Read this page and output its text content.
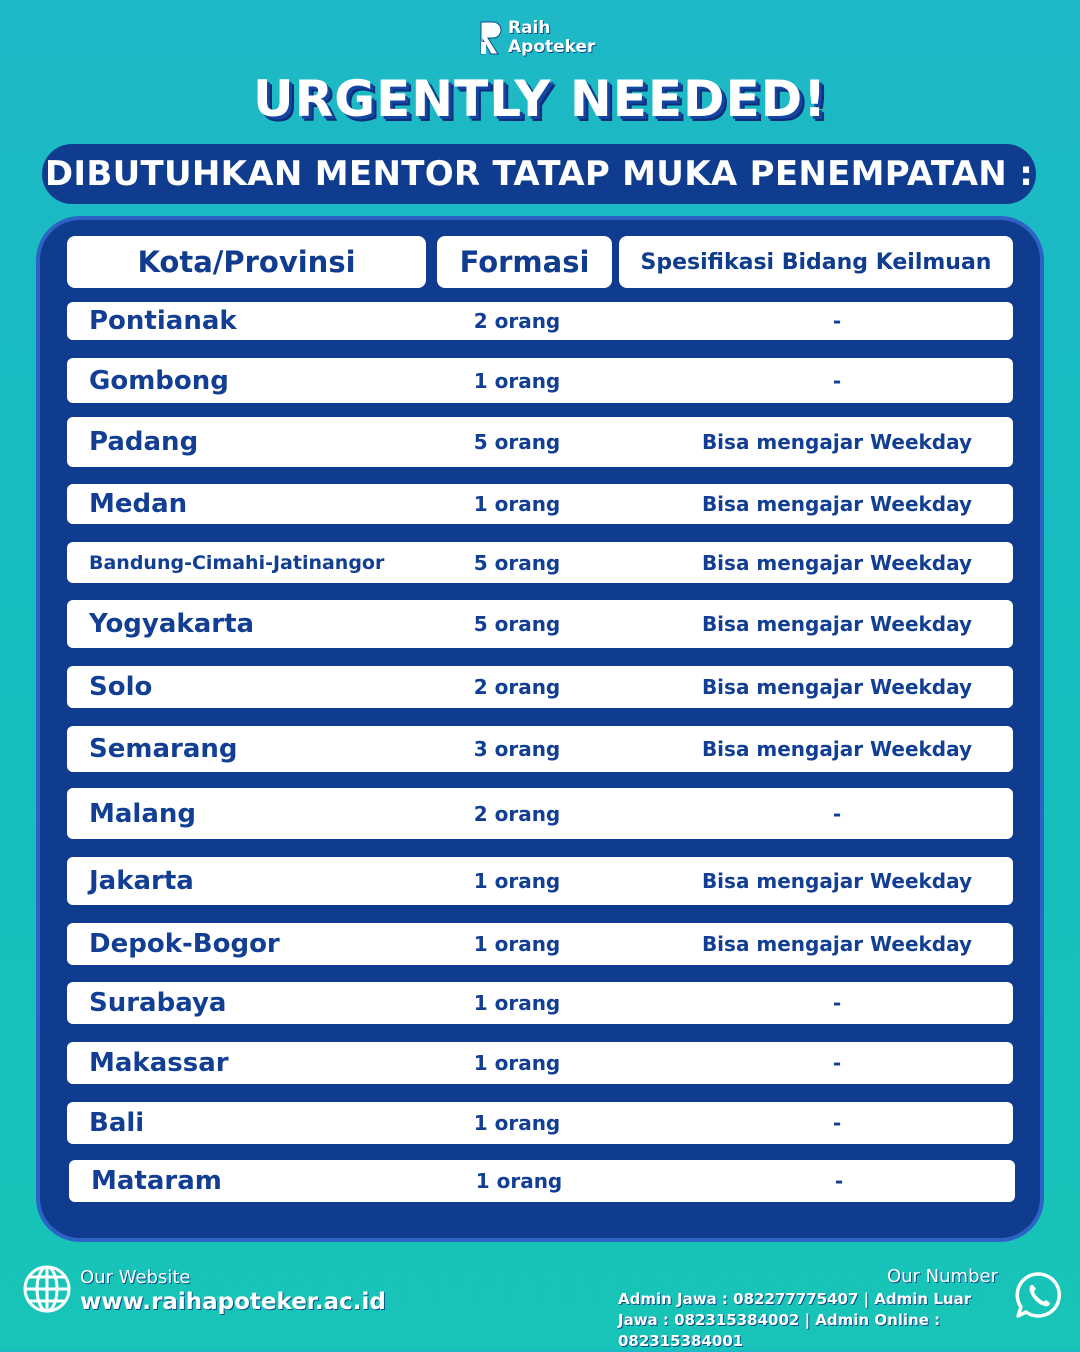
Raih
Apoteker
URGENTLY NEEDED!
DIBUTUHKAN MENTOR TATAP MUKA PENEMPATAN :
Kota/Provinsi	Formasi	Spesifikasi Bidang Keilmuan
Pontianak	2 orang	-
Gombong	1 orang	-
Padang	5 orang	Bisa mengajar Weekday
Medan	1 orang	Bisa mengajar Weekday
Bandung-Cimahi-Jatinangor	5 orang	Bisa mengajar Weekday
Yogyakarta	5 orang	Bisa mengajar Weekday
Solo	2 orang	Bisa mengajar Weekday
Semarang	3 orang	Bisa mengajar Weekday
Malang	2 orang	-
Jakarta	1 orang	Bisa mengajar Weekday
Depok-Bogor	1 orang	Bisa mengajar Weekday
Surabaya	1 orang	-
Makassar	1 orang	-
Bali	1 orang	-
Mataram	1 orang	-
Our Website
www.raihapoteker.ac.id
Our Number
Admin Jawa : 082277775407 | Admin Luar Jawa : 082315384002 | Admin Online : 082315384001
